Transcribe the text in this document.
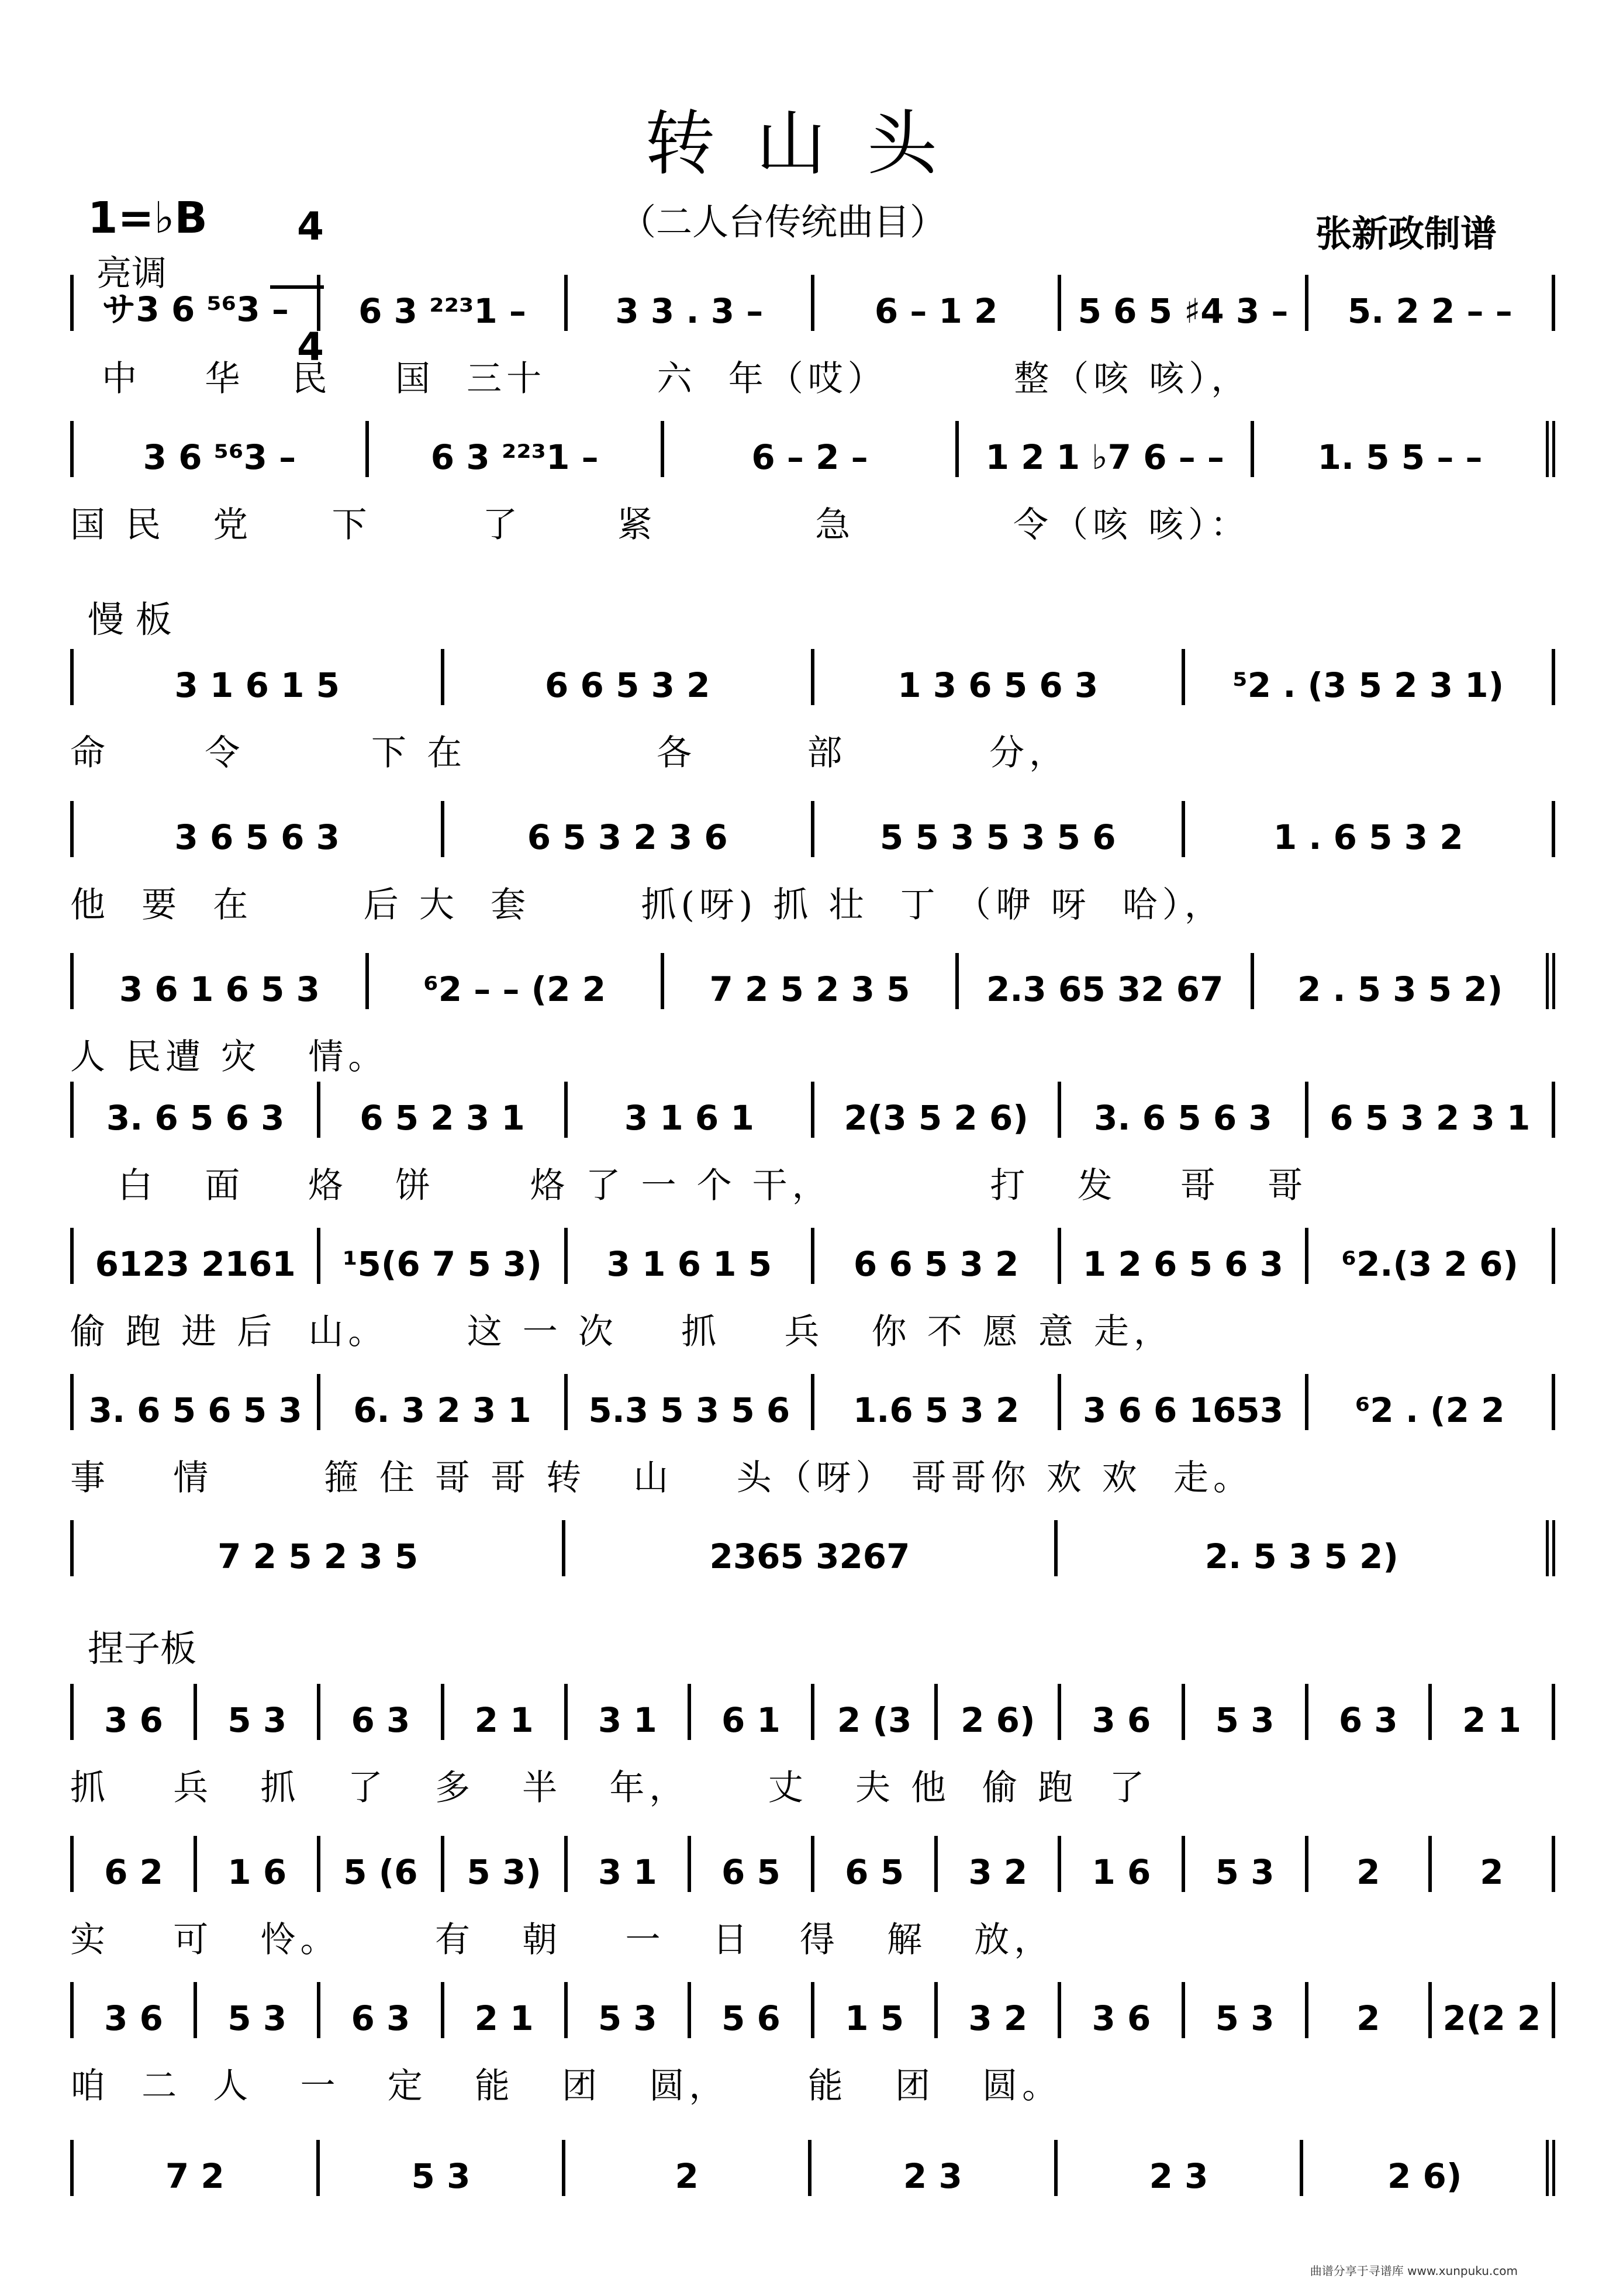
转山头
1=♭B	4

4

（二人台传统曲目）	张新政制谱
亮调
慢 板
捏子板
サ3 6 ⁵⁶3 –	6 3 ²²³1 –	3 3 . 3 –	6 – 1 2	5 6 5 ♯4 3 –	5. 2 2 – –
中    华   民    国  三十       六  年（哎）        整（咳 咳），
3 6 ⁵⁶3 –	6 3 ²²³1 –	6 – 2 –	1 2 1 ♭7 6 – –	1. 5 5 – –
国 民   党     下       了      紧          急          令（咳 咳）：
3 1 6 1 5	6 6 5 3 2	1 3 6 5 6 3	⁵2 . (3 5 2 3 1)
命      令        下 在            各       部         分，
3 6 5 6 3	6 5 3 2 3 6	5 5 3 5 3 5 6	1 . 6 5 3 2
他  要  在       后 大  套       抓(呀) 抓 壮  丁 （咿 呀  哈），
3 6 1 6 5 3	⁶2 – – (2 2	7 2 5 2 3 5	2.3 65 32 67	2 . 5 3 5 2)
人 民遭 灾   情。
3. 6 5 6 3	6 5 2 3 1	3 1 6 1	2(3 5 2 6)	3. 6 5 6 3	6 5 3 2 3 1
白   面    烙   饼      烙 了 一 个 干，          打   发    哥   哥
6123 2161	¹5(6 7 5 3)	3 1 6 1 5	6 6 5 3 2	1 2 6 5 6 3	⁶2.(3 2 6)
偷 跑 进 后  山。     这 一 次    抓    兵   你 不 愿 意 走，
3. 6 5 6 5 3	6. 3 2 3 1	5.3 5 3 5 6	1.6 5 3 2	3 6 6 1653	⁶2 . (2 2
事    情       箍 住 哥 哥 转   山    头（呀） 哥哥你 欢 欢  走。
7 2 5 2 3 5	2365 3267	2. 5 3 5 2)
3 6	5 3	6 3	2 1	3 1	6 1	2 (3	2 6)	3 6	5 3	6 3	2 1
抓    兵   抓   了   多   半   年，     丈   夫 他  偷 跑  了
6 2	1 6	5 (6	5 3)	3 1	6 5	6 5	3 2	1 6	5 3	2	2
实    可   怜。      有   朝    一   日   得   解   放，
3 6	5 3	6 3	2 1	5 3	5 6	1 5	3 2	3 6	5 3	2	2(2 2
咱  二  人   一   定   能   团   圆，     能   团   圆。
7 2	5 3	2	2 3	2 3	2 6)
曲谱分享于寻谱库 www.xunpuku.com
